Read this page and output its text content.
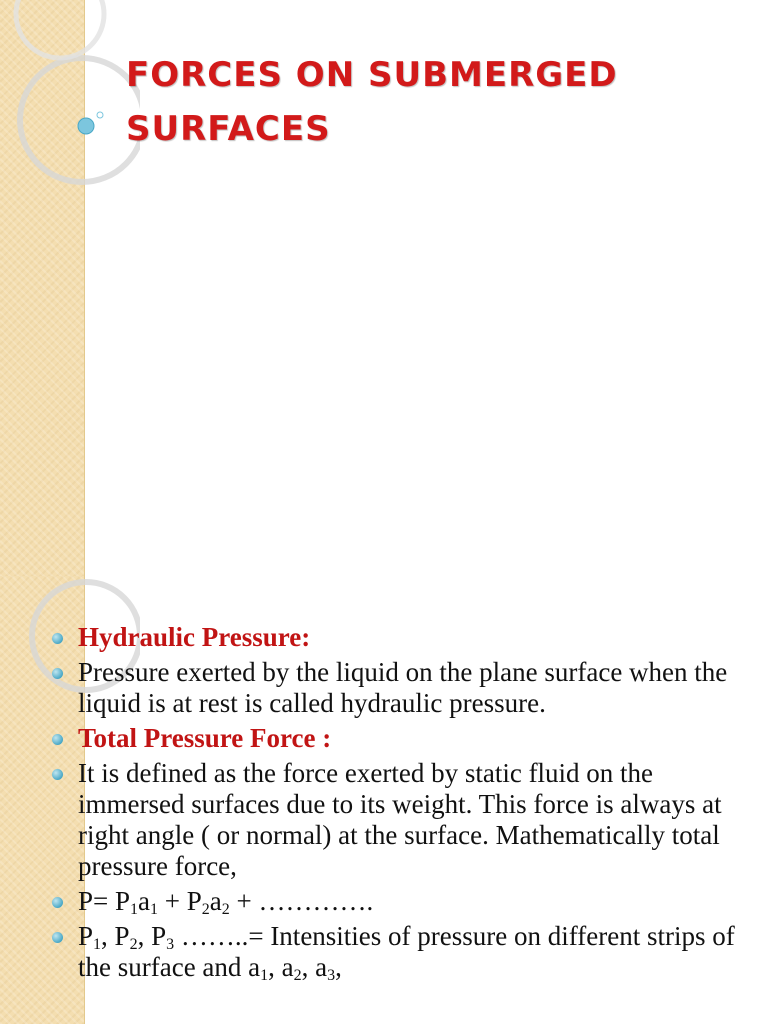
FORCES ON SUBMERGED
SURFACES
Hydraulic Pressure:
Pressure exerted by the liquid on the plane surface when the liquid is at rest is called hydraulic pressure.
Total Pressure Force :
It is defined as the force exerted by static fluid on the immersed surfaces due to its weight. This force is always at right angle ( or normal) at the surface. Mathematically total pressure force,
$P= P_1a_1 + P_2a_2$ + ………….
$P_1$, $P_2$, $P_3$ ……..= Intensities of pressure on different strips of the surface and $a_1$, $a_2$, $a_3$,
